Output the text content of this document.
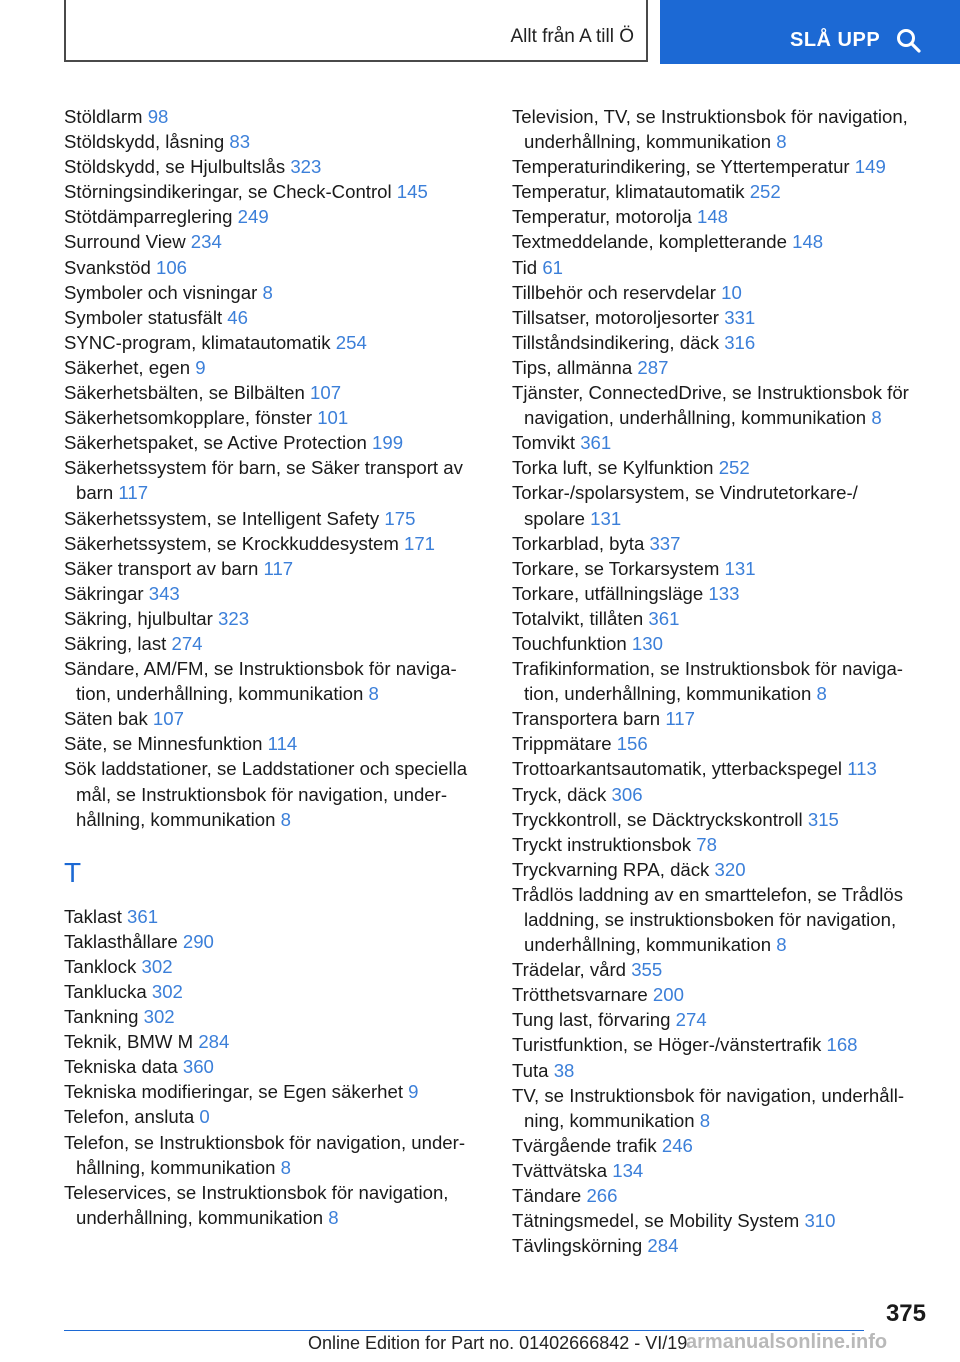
Allt från A till Ö	SLÅ UPP
Stöldlarm 98
Stöldskydd, låsning 83
Stöldskydd, se Hjulbultslås 323
Störningsindikeringar, se Check-Control 145
Stötdämparreglering 249
Surround View 234
Svankstöd 106
Symboler och visningar 8
Symboler statusfält 46
SYNC-program, klimatautomatik 254
Säkerhet, egen 9
Säkerhetsbälten, se Bilbälten 107
Säkerhetsomkopplare, fönster 101
Säkerhetspaket, se Active Protection 199
Säkerhetssystem för barn, se Säker transport av
barn 117
Säkerhetssystem, se Intelligent Safety 175
Säkerhetssystem, se Krockkuddesystem 171
Säker transport av barn 117
Säkringar 343
Säkring, hjulbultar 323
Säkring, last 274
Sändare, AM/FM, se Instruktionsbok för naviga-
tion, underhållning, kommunikation 8
Säten bak 107
Säte, se Minnesfunktion 114
Sök laddstationer, se Laddstationer och speciella
mål, se Instruktionsbok för navigation, under-
hållning, kommunikation 8
T
Taklast 361
Taklasthållare 290
Tanklock 302
Tanklucka 302
Tankning 302
Teknik, BMW M 284
Tekniska data 360
Tekniska modifieringar, se Egen säkerhet 9
Telefon, ansluta 0
Telefon, se Instruktionsbok för navigation, under-
hållning, kommunikation 8
Teleservices, se Instruktionsbok för navigation,
underhållning, kommunikation 8
Television, TV, se Instruktionsbok för navigation,
underhållning, kommunikation 8
Temperaturindikering, se Yttertemperatur 149
Temperatur, klimatautomatik 252
Temperatur, motorolja 148
Textmeddelande, kompletterande 148
Tid 61
Tillbehör och reservdelar 10
Tillsatser, motoroljesorter 331
Tillståndsindikering, däck 316
Tips, allmänna 287
Tjänster, ConnectedDrive, se Instruktionsbok för
navigation, underhållning, kommunikation 8
Tomvikt 361
Torka luft, se Kylfunktion 252
Torkar-/spolarsystem, se Vindrutetorkare-/
spolare 131
Torkarblad, byta 337
Torkare, se Torkarsystem 131
Torkare, utfällningsläge 133
Totalvikt, tillåten 361
Touchfunktion 130
Trafikinformation, se Instruktionsbok för naviga-
tion, underhållning, kommunikation 8
Transportera barn 117
Trippmätare 156
Trottoarkantsautomatik, ytterbackspegel 113
Tryck, däck 306
Tryckkontroll, se Däcktryckskontroll 315
Tryckt instruktionsbok 78
Tryckvarning RPA, däck 320
Trådlös laddning av en smarttelefon, se Trådlös
laddning, se instruktionsboken för navigation,
underhållning, kommunikation 8
Trädelar, vård 355
Trötthetsvarnare 200
Tung last, förvaring 274
Turistfunktion, se Höger-/vänstertrafik 168
Tuta 38
TV, se Instruktionsbok för navigation, underhåll-
ning, kommunikation 8
Tvärgående trafik 246
Tvättvätska 134
Tändare 266
Tätningsmedel, se Mobility System 310
Tävlingskörning 284
375
Online Edition for Part no. 01402666842 - VI/19
armanualsonline.info
